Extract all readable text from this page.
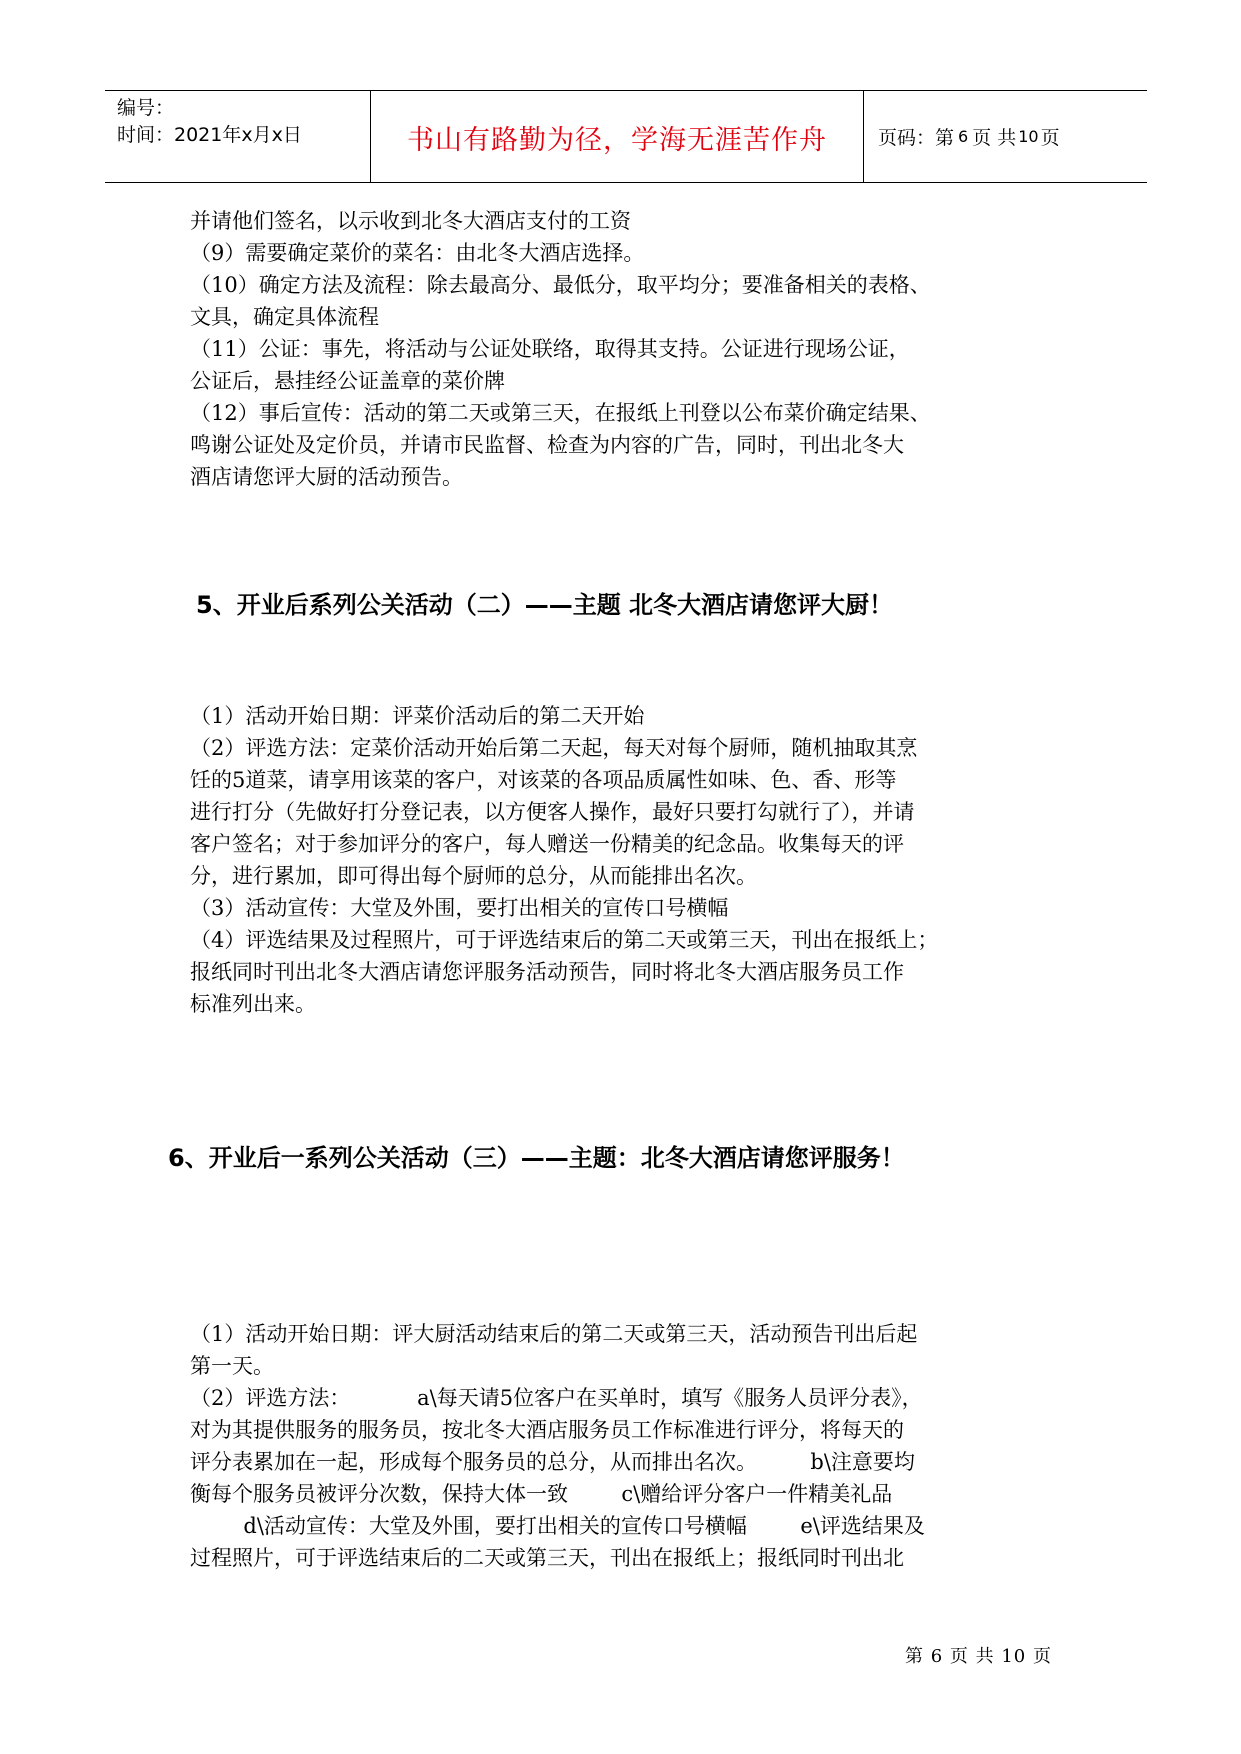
编号：
时间：2021年x月x日	书山有路勤为径，学海无涯苦作舟	页码：第 6 页 共 10 页

并请他们签名，以示收到北冬大酒店支付的工资

（9）需要确定菜价的菜名：由北冬大酒店选择。

（10）确定方法及流程：除去最高分、最低分，取平均分；要准备相关的表格、

文具，确定具体流程

（11）公证：事先，将活动与公证处联络，取得其支持。公证进行现场公证，

公证后，悬挂经公证盖章的菜价牌

（12）事后宣传：活动的第二天或第三天，在报纸上刊登以公布菜价确定结果、

鸣谢公证处及定价员，并请市民监督、检查为内容的广告，同时，刊出北冬大

酒店请您评大厨的活动预告。

5、开业后系列公关活动（二）——主题 北冬大酒店请您评大厨！

（1）活动开始日期：评菜价活动后的第二天开始

（2）评选方法：定菜价活动开始后第二天起，每天对每个厨师，随机抽取其烹

饪的5道菜，请享用该菜的客户，对该菜的各项品质属性如味、色、香、形等

进行打分（先做好打分登记表，以方便客人操作，最好只要打勾就行了），并请

客户签名；对于参加评分的客户，每人赠送一份精美的纪念品。收集每天的评

分，进行累加，即可得出每个厨师的总分，从而能排出名次。

（3）活动宣传：大堂及外围，要打出相关的宣传口号横幅

（4）评选结果及过程照片，可于评选结束后的第二天或第三天，刊出在报纸上；

报纸同时刊出北冬大酒店请您评服务活动预告，同时将北冬大酒店服务员工作

标准列出来。

6、开业后一系列公关活动（三）——主题：北冬大酒店请您评服务！

（1）活动开始日期：评大厨活动结束后的第二天或第三天，活动预告刊出后起

第一天。

（2）评选方法：          a\每天请5位客户在买单时，填写《服务人员评分表》，

对为其提供服务的服务员，按北冬大酒店服务员工作标准进行评分，将每天的

评分表累加在一起，形成每个服务员的总分，从而排出名次。        b\注意要均

衡每个服务员被评分次数，保持大体一致        c\赠给评分客户一件精美礼品

d\活动宣传：大堂及外围，要打出相关的宣传口号横幅        e\评选结果及

过程照片，可于评选结束后的二天或第三天，刊出在报纸上；报纸同时刊出北

第 6 页 共 10 页
